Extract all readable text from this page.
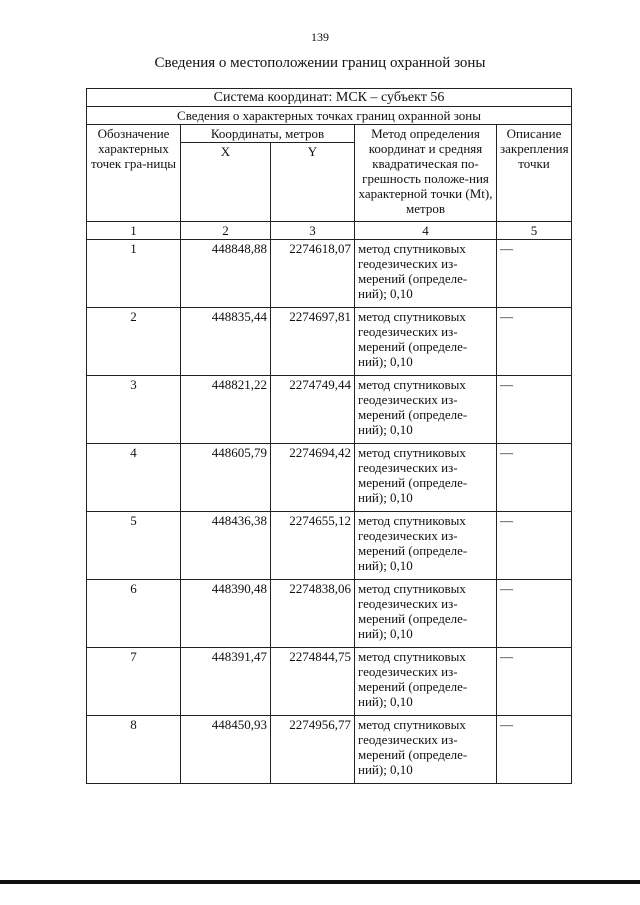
139
Сведения о местоположении границ охранной зоны
Система координат: МСК – субъект 56				
Сведения о характерных точках границ охранной зоны				
Обозначение характерных точек гра-ницы	Координаты, метров		Метод определения координат и средняя квадратическая по-грешность положе-ния характерной точки (Mt), метров	Описание закрепления точки
	X	Y		
1	2	3	4	5
1	448848,88	2274618,07	метод спутниковых геодезических из-мерений (определе-ний); 0,10	—
2	448835,44	2274697,81	метод спутниковых геодезических из-мерений (определе-ний); 0,10	—
3	448821,22	2274749,44	метод спутниковых геодезических из-мерений (определе-ний); 0,10	—
4	448605,79	2274694,42	метод спутниковых геодезических из-мерений (определе-ний); 0,10	—
5	448436,38	2274655,12	метод спутниковых геодезических из-мерений (определе-ний); 0,10	—
6	448390,48	2274838,06	метод спутниковых геодезических из-мерений (определе-ний); 0,10	—
7	448391,47	2274844,75	метод спутниковых геодезических из-мерений (определе-ний); 0,10	—
8	448450,93	2274956,77	метод спутниковых геодезических из-мерений (определе-ний); 0,10	—
